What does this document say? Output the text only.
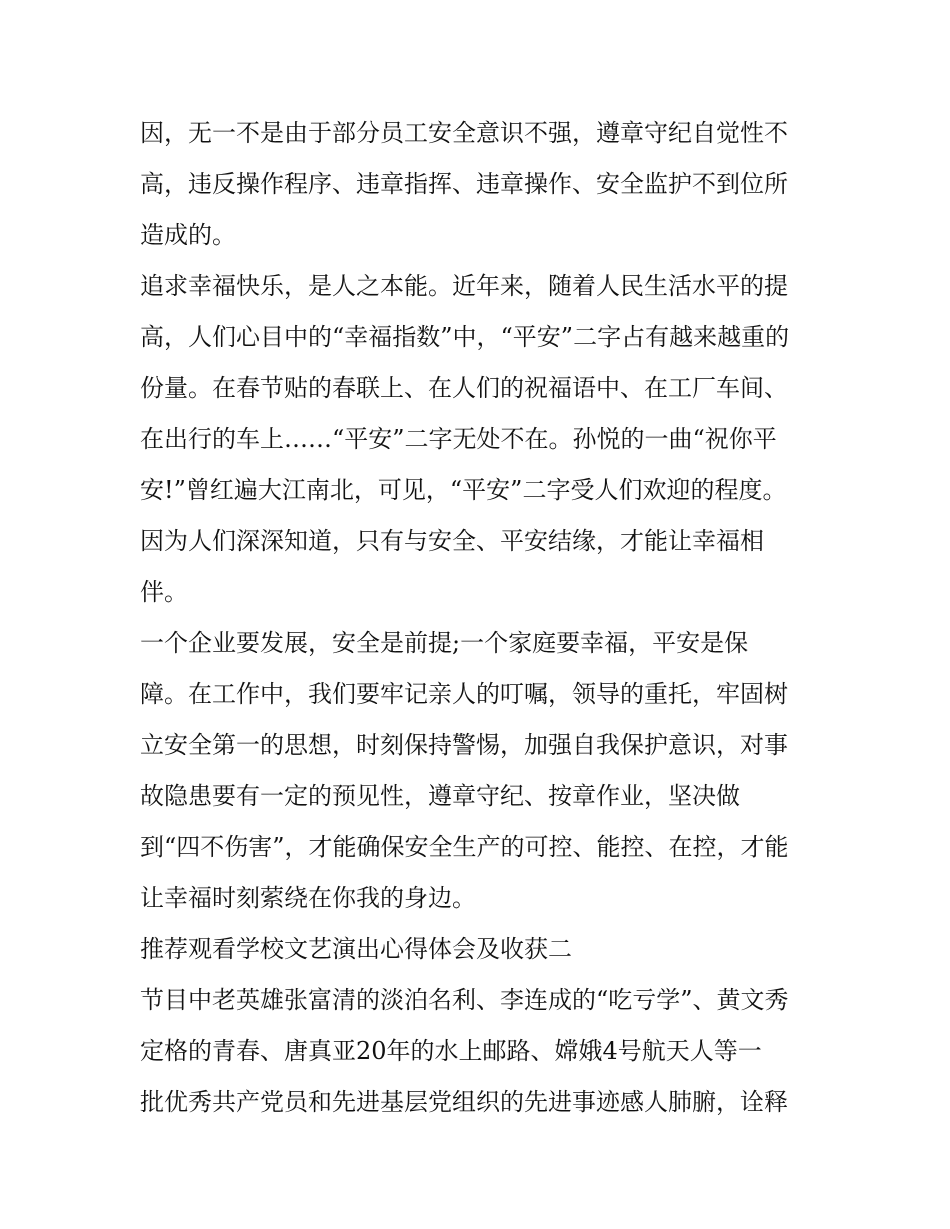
因，无一不是由于部分员工安全意识不强，遵章守纪自觉性不
高，违反操作程序、违章指挥、违章操作、安全监护不到位所
造成的。
追求幸福快乐，是人之本能。近年来，随着人民生活水平的提
高，人们心目中的“幸福指数”中，“平安”二字占有越来越重的
份量。在春节贴的春联上、在人们的祝福语中、在工厂车间、
在出行的车上……“平安”二字无处不在。孙悦的一曲“祝你平
安!”曾红遍大江南北，可见，“平安”二字受人们欢迎的程度。
因为人们深深知道，只有与安全、平安结缘，才能让幸福相
伴。
一个企业要发展，安全是前提;一个家庭要幸福，平安是保
障。在工作中，我们要牢记亲人的叮嘱，领导的重托，牢固树
立安全第一的思想，时刻保持警惕，加强自我保护意识，对事
故隐患要有一定的预见性，遵章守纪、按章作业，坚决做
到“四不伤害”，才能确保安全生产的可控、能控、在控，才能
让幸福时刻萦绕在你我的身边。
推荐观看学校文艺演出心得体会及收获二
节目中老英雄张富清的淡泊名利、李连成的“吃亏学”、黄文秀
定格的青春、唐真亚20年的水上邮路、嫦娥4号航天人等一
批优秀共产党员和先进基层党组织的先进事迹感人肺腑，诠释
